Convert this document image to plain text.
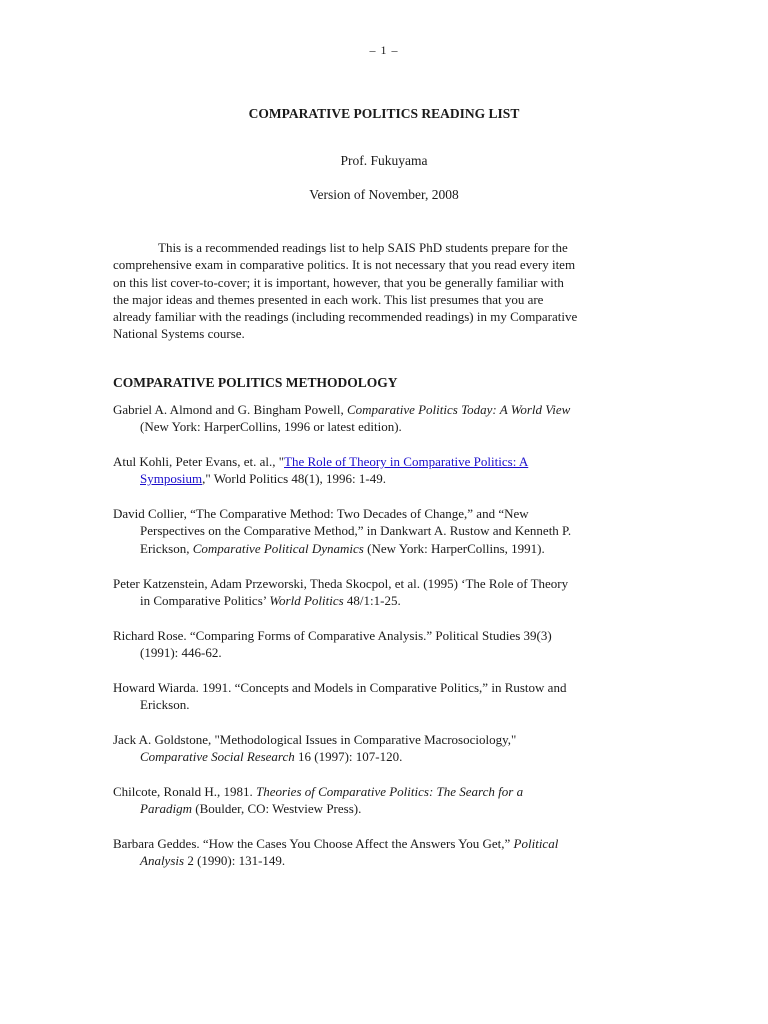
– 1 –
COMPARATIVE POLITICS READING LIST
Prof. Fukuyama
Version of November, 2008
This is a recommended readings list to help SAIS PhD students prepare for the
comprehensive exam in comparative politics. It is not necessary that you read every item
on this list cover-to-cover; it is important, however, that you be generally familiar with
the major ideas and themes presented in each work. This list presumes that you are
already familiar with the readings (including recommended readings) in my Comparative
National Systems course.
COMPARATIVE POLITICS METHODOLOGY
Gabriel A. Almond and G. Bingham Powell, Comparative Politics Today: A World View
(New York: HarperCollins, 1996 or latest edition).
Atul Kohli, Peter Evans, et. al., "The Role of Theory in Comparative Politics: A
Symposium," World Politics 48(1), 1996: 1-49.
David Collier, “The Comparative Method: Two Decades of Change,” and “New
Perspectives on the Comparative Method,” in Dankwart A. Rustow and Kenneth P.
Erickson, Comparative Political Dynamics (New York: HarperCollins, 1991).
Peter Katzenstein, Adam Przeworski, Theda Skocpol, et al. (1995) ‘The Role of Theory
in Comparative Politics’ World Politics 48/1:1-25.
Richard Rose. “Comparing Forms of Comparative Analysis.” Political Studies 39(3)
(1991): 446-62.
Howard Wiarda. 1991. “Concepts and Models in Comparative Politics,” in Rustow and
Erickson.
Jack A. Goldstone, "Methodological Issues in Comparative Macrosociology,"
Comparative Social Research 16 (1997): 107-120.
Chilcote, Ronald H., 1981. Theories of Comparative Politics: The Search for a
Paradigm (Boulder, CO: Westview Press).
Barbara Geddes. “How the Cases You Choose Affect the Answers You Get,” Political
Analysis 2 (1990): 131-149.
